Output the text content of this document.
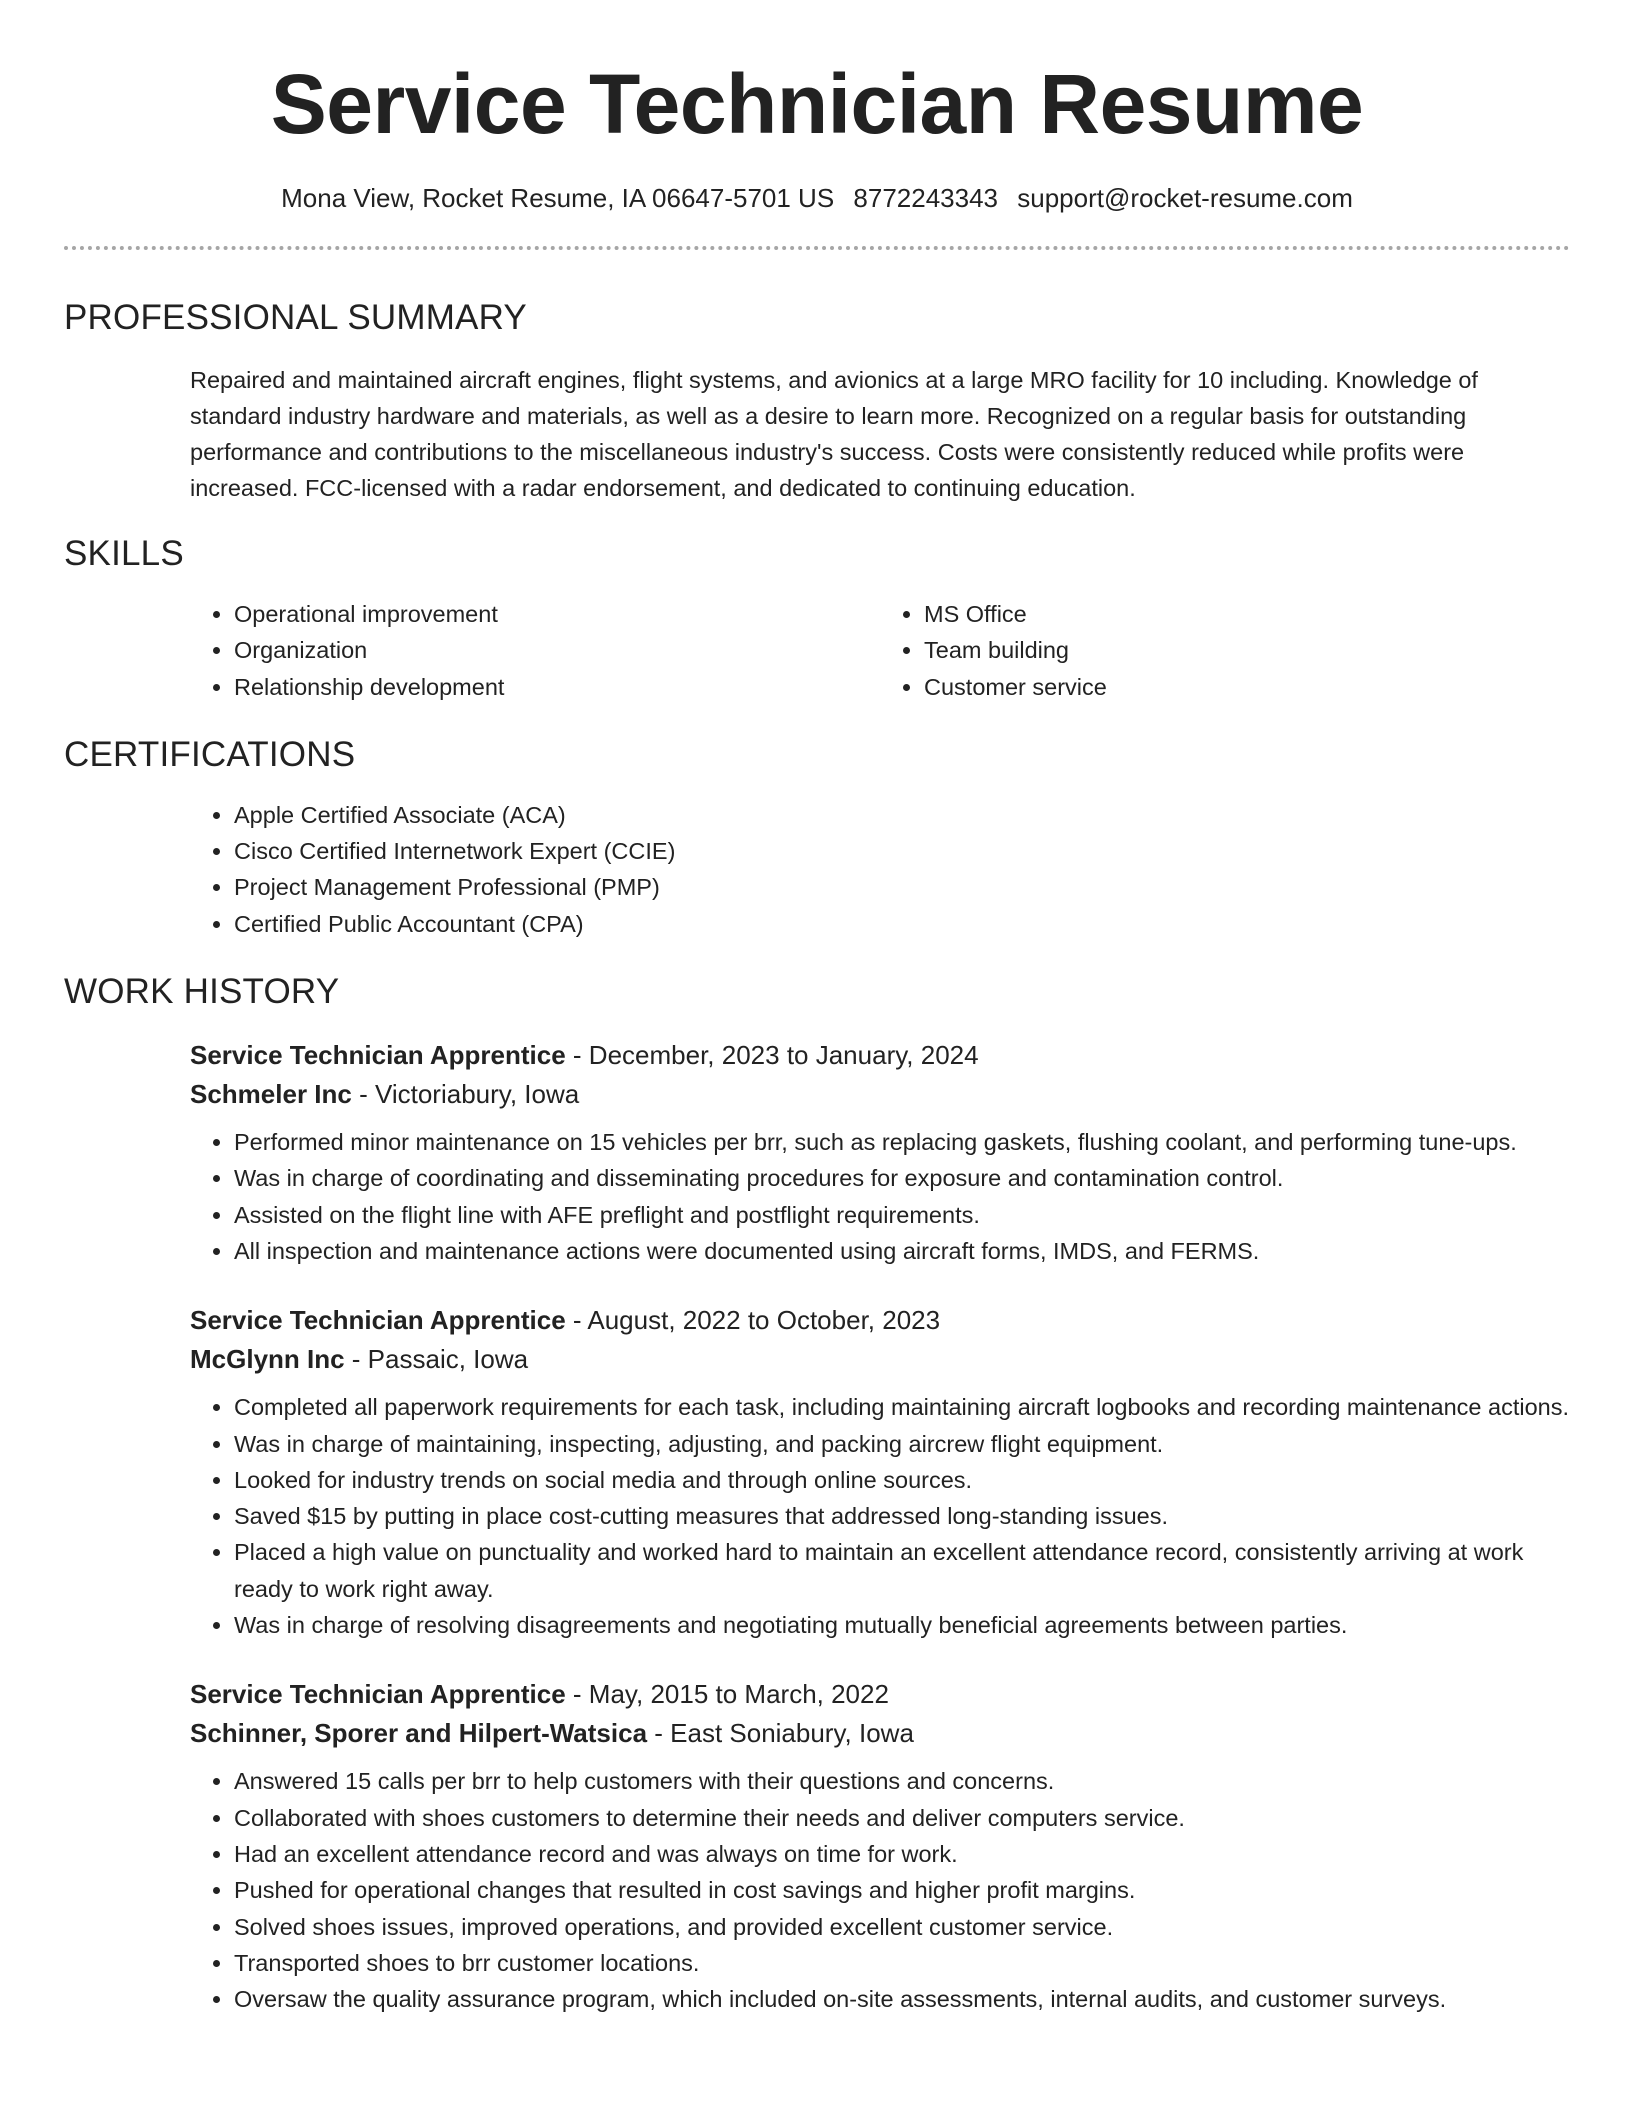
Service Technician Resume
Mona View, Rocket Resume, IA 06647-5701 US 8772243343 support@rocket-resume.com
PROFESSIONAL SUMMARY

Repaired and maintained aircraft engines, flight systems, and avionics at a large MRO facility for 10 including. Knowledge of standard industry hardware and materials, as well as a desire to learn more. Recognized on a regular basis for outstanding performance and contributions to the miscellaneous industry's success. Costs were consistently reduced while profits were increased. FCC-licensed with a radar endorsement, and dedicated to continuing education.

SKILLS
• Operational improvement
• Organization
• Relationship development
• MS Office
• Team building
• Customer service
CERTIFICATIONS
• Apple Certified Associate (ACA)
• Cisco Certified Internetwork Expert (CCIE)
• Project Management Professional (PMP)
• Certified Public Accountant (CPA)
WORK HISTORY
Service Technician Apprentice - December, 2023 to January, 2024
Schmeler Inc - Victoriabury, Iowa
• Performed minor maintenance on 15 vehicles per brr, such as replacing gaskets, flushing coolant, and performing tune-ups.
• Was in charge of coordinating and disseminating procedures for exposure and contamination control.
• Assisted on the flight line with AFE preflight and postflight requirements.
• All inspection and maintenance actions were documented using aircraft forms, IMDS, and FERMS.
Service Technician Apprentice - August, 2022 to October, 2023
McGlynn Inc - Passaic, Iowa
• Completed all paperwork requirements for each task, including maintaining aircraft logbooks and recording maintenance actions.
• Was in charge of maintaining, inspecting, adjusting, and packing aircrew flight equipment.
• Looked for industry trends on social media and through online sources.
• Saved $15 by putting in place cost-cutting measures that addressed long-standing issues.
• Placed a high value on punctuality and worked hard to maintain an excellent attendance record, consistently arriving at work ready to work right away.
• Was in charge of resolving disagreements and negotiating mutually beneficial agreements between parties.
Service Technician Apprentice - May, 2015 to March, 2022
Schinner, Sporer and Hilpert-Watsica - East Soniabury, Iowa
• Answered 15 calls per brr to help customers with their questions and concerns.
• Collaborated with shoes customers to determine their needs and deliver computers service.
• Had an excellent attendance record and was always on time for work.
• Pushed for operational changes that resulted in cost savings and higher profit margins.
• Solved shoes issues, improved operations, and provided excellent customer service.
• Transported shoes to brr customer locations.
• Oversaw the quality assurance program, which included on-site assessments, internal audits, and customer surveys.
